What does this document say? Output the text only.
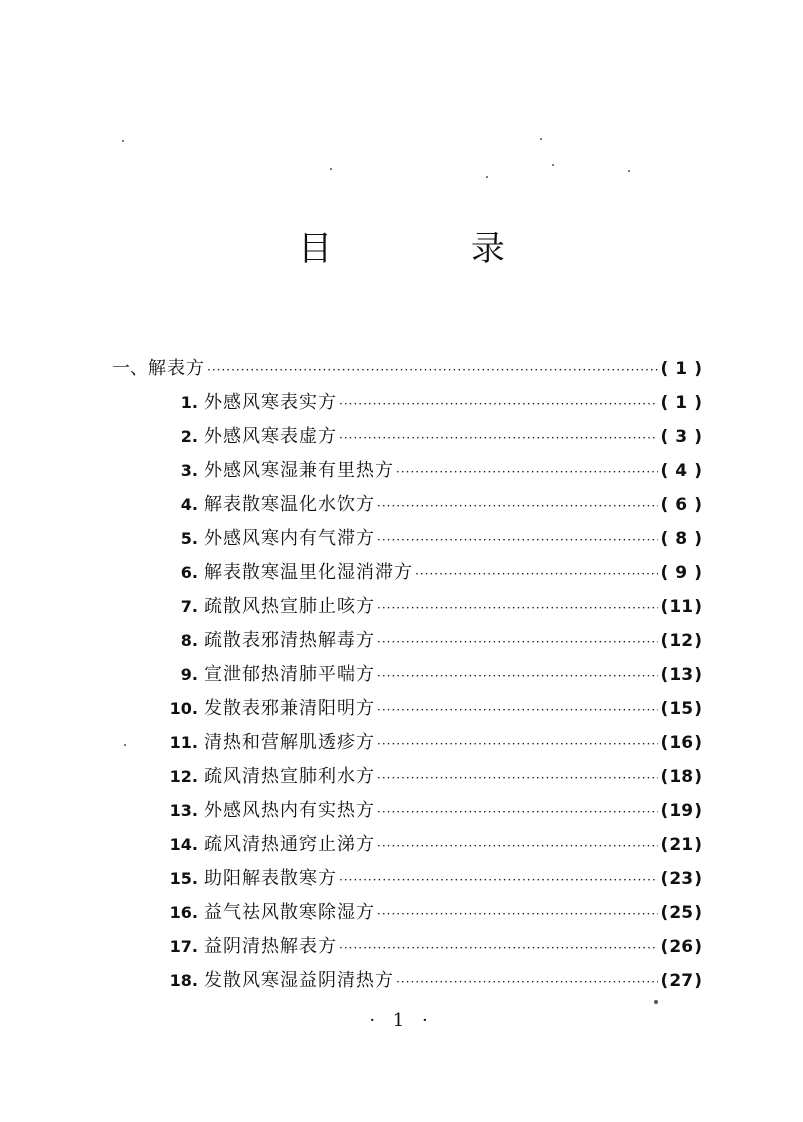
目 录
一、 解表方 ·····	( 1 )
1. 外感风寒表实方 ·····	( 1 )
2. 外感风寒表虚方 ·····	( 3 )
3. 外感风寒湿兼有里热方 ·····	( 4 )
4. 解表散寒温化水饮方 ·····	( 6 )
5. 外感风寒内有气滞方 ·····	( 8 )
6. 解表散寒温里化湿消滞方 ·····	( 9 )
7. 疏散风热宣肺止咳方 ·····	(11)
8. 疏散表邪清热解毒方 ·····	(12)
9. 宣泄郁热清肺平喘方 ·····	(13)
10. 发散表邪兼清阳明方 ·····	(15)
11. 清热和营解肌透疹方 ·····	(16)
12. 疏风清热宣肺利水方 ·····	(18)
13. 外感风热内有实热方 ·····	(19)
14. 疏风清热通窍止涕方 ·····	(21)
15. 助阳解表散寒方 ·····	(23)
16. 益气祛风散寒除湿方 ·····	(25)
17. 益阴清热解表方 ·····	(26)
18. 发散风寒湿益阴清热方 ·····	(27)
· 1 ·
